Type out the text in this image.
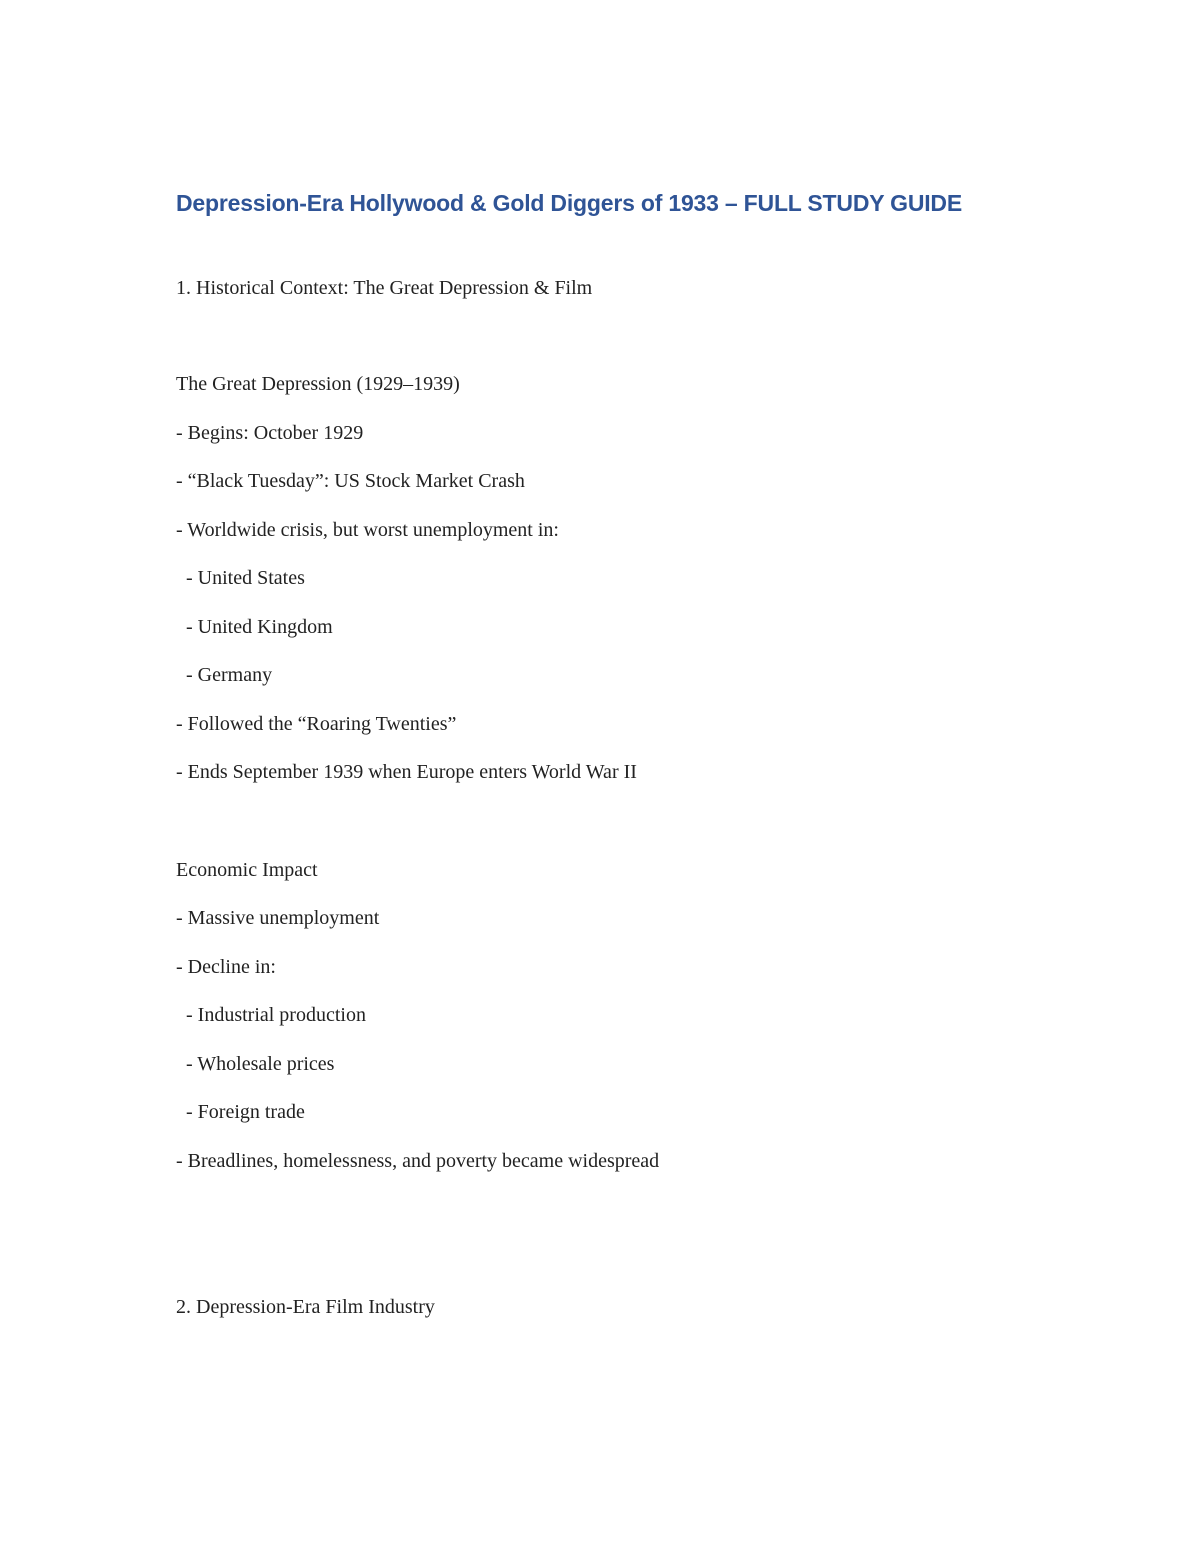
Depression-Era Hollywood & Gold Diggers of 1933 – FULL STUDY GUIDE

1. Historical Context: The Great Depression & Film

The Great Depression (1929–1939)

- Begins: October 1929

- “Black Tuesday”: US Stock Market Crash

- Worldwide crisis, but worst unemployment in:

- United States

- United Kingdom

- Germany

- Followed the “Roaring Twenties”

- Ends September 1939 when Europe enters World War II

Economic Impact

- Massive unemployment

- Decline in:

- Industrial production

- Wholesale prices

- Foreign trade

- Breadlines, homelessness, and poverty became widespread

2. Depression-Era Film Industry
